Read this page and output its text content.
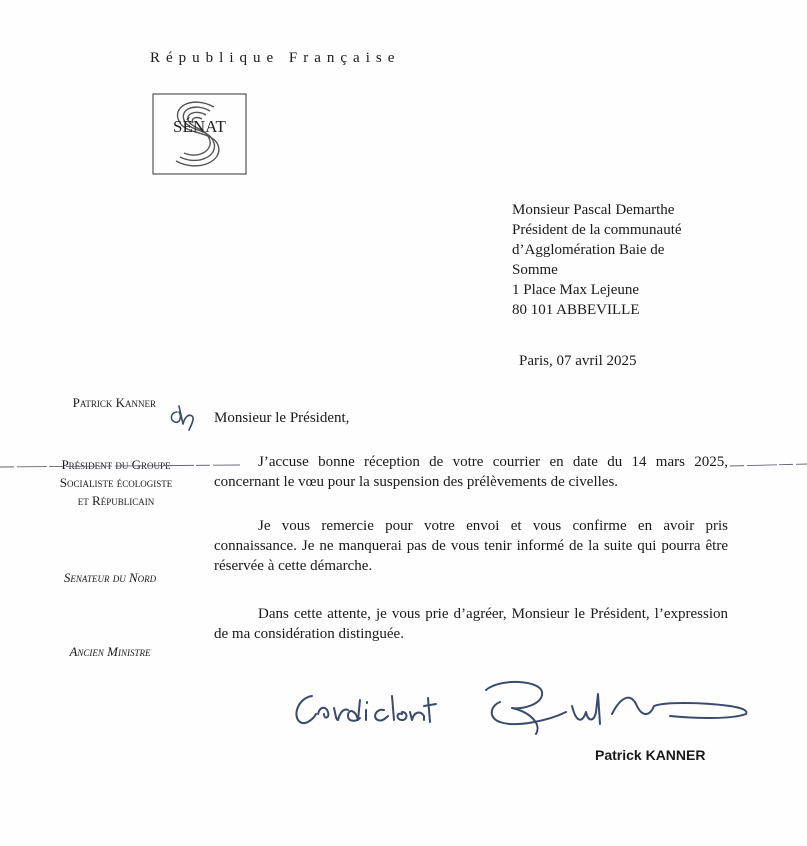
République Française
SÉNAT
Monsieur Pascal Demarthe
Président de la communauté
d’Agglomération Baie de
Somme
1 Place Max Lejeune
80 101 ABBEVILLE
Paris, 07 avril 2025
Patrick Kanner
Président du Groupe
Socialiste écologiste
et Républicain
Senateur du Nord
Ancien Ministre
Monsieur le Président,
J’accuse bonne réception de votre courrier en date du 14 mars 2025, concernant le vœu pour la suspension des prélèvements de civelles.
Je vous remercie pour votre envoi et vous confirme en avoir pris connaissance. Je ne manquerai pas de vous tenir informé de la suite qui pourra être réservée à cette démarche.
Dans cette attente, je vous prie d’agréer, Monsieur le Président, l’expression de ma considération distinguée.
Patrick KANNER
